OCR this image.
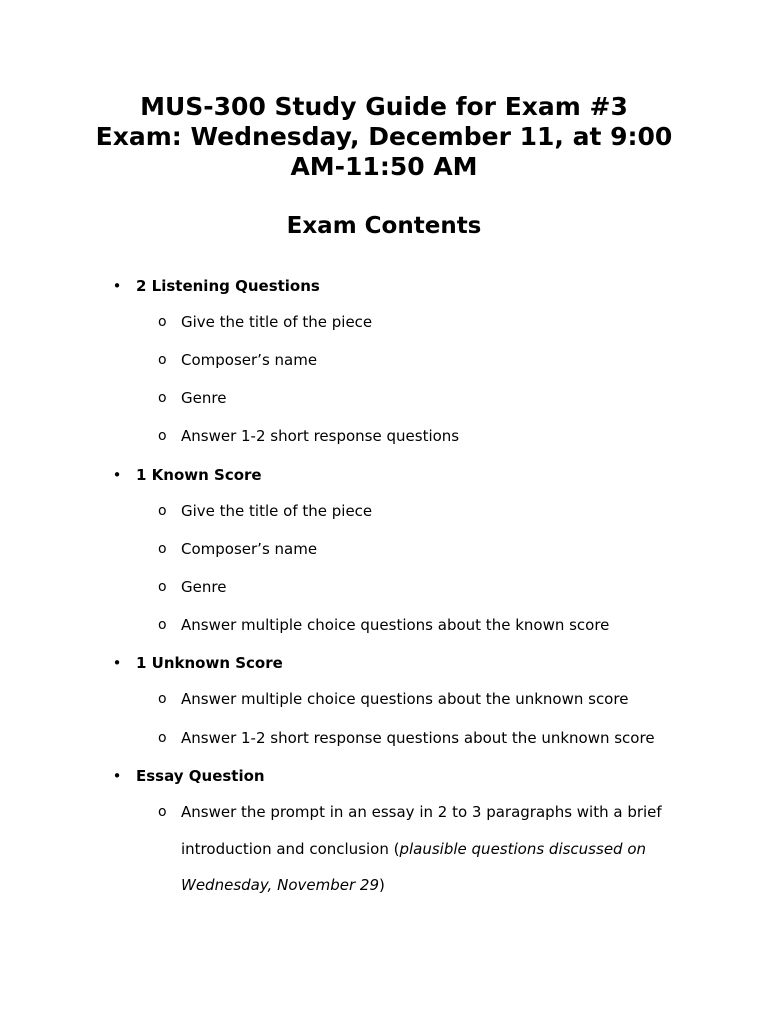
MUS-300 Study Guide for Exam #3
Exam: Wednesday, December 11, at 9:00
AM-11:50 AM
Exam Contents
• 2 Listening Questions
o Give the title of the piece
o Composer’s name
o Genre
o Answer 1-2 short response questions
• 1 Known Score
o Give the title of the piece
o Composer’s name
o Genre
o Answer multiple choice questions about the known score
• 1 Unknown Score
o Answer multiple choice questions about the unknown score
o Answer 1-2 short response questions about the unknown score
• Essay Question
o Answer the prompt in an essay in 2 to 3 paragraphs with a brief
introduction and conclusion (plausible questions discussed on
Wednesday, November 29)
